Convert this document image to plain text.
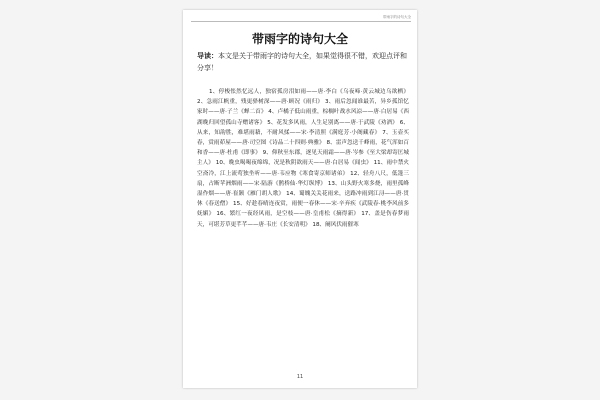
带雨字的诗句大全
带雨字的诗句大全
导读：本文是关于带雨字的诗句大全，如果觉得很不错，欢迎点评和分享！
1、停梭怅然忆远人，独宿孤房泪如雨——唐·李白《乌夜啼·黄云城边乌欲栖》 2、急雨江帆重，残更驿树深——唐·顾况《雨归》 3、雨后忽闻谁最苦，异乡孤馆忆家时——唐·子兰《蝉二首》 4、卢橘子低山雨重，棕榈叶战水风凉——唐·白居易《西湖晚归回望孤山寺赠诸客》 5、花发多风雨，人生足别离——唐·于武陵《劝酒》 6、从来，知韵胜，难堪雨藉，不耐风揉——宋·李清照《满庭芳·小阁藏春》 7、玉壶买春，赏雨茆屋——唐·司空图《诗品二十四则·典雅》 8、雷声忽送千峰雨，花气浑如百和香——唐·杜甫《即事》 9、仰秋至东郡，逐见天雨霜——唐·岑参《至大梁却寄匡城主人》 10、晚虫喝喝夜绵绵，况是秋阴欲雨天——唐·白居易《闻虫》 11、雨中禁火空斋冷，江上流莺独坐听——唐·韦应物《寒食寄京师诸弟》 12、轻舟八尺，低篷三扇，占断苹洲烟雨——宋·陆游《鹊桥仙·华灯纵博》 13、山头野火寒多烧，雨里孤峰湿作烟——唐·崔颢《雁门胡人歌》 14、蜀魄关关花雨来，送路冲雨到江浔——唐·贯休《春送僧》 15、好趁春晴连夜赏，雨便一春休——宋·辛弃疾《武陵春·桃李风前多妩媚》 16、繁红一夜经风雨，是空枝——唐·皇甫松《摘得新》 17、盖是伤春梦雨天，可堪芳草更芊芊——唐·韦庄《长安清明》 18、阑风伏雨催寒
11
